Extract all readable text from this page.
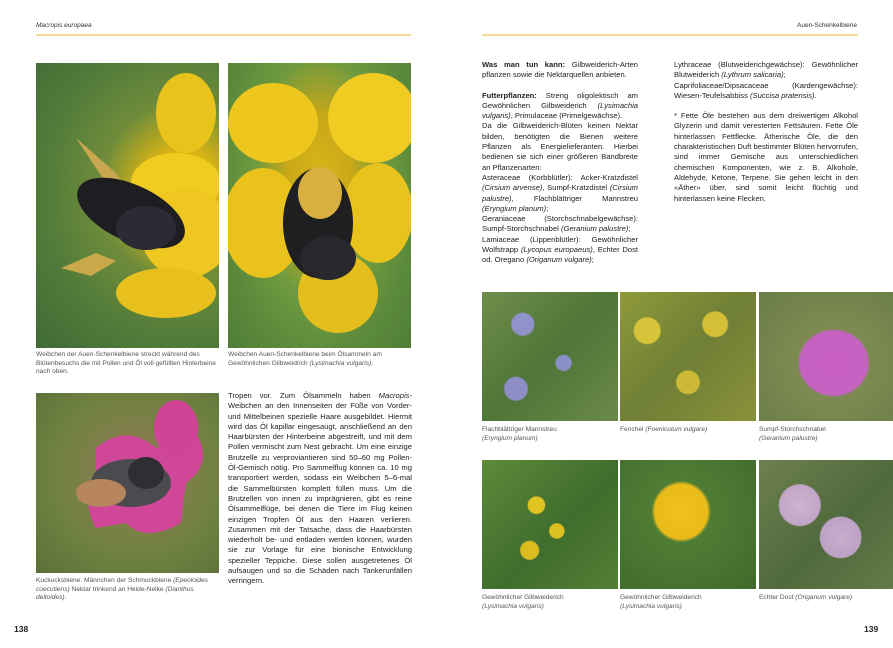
Macropis europaea
Weibchen der Auen-Schenkelbiene streckt während des Blütenbesuchs die mit Pollen und Öl voll gefüllten Hinterbeine nach oben.
Weibchen Auen-Schenkelbiene beim Ölsammeln am Gewöhnlichen Gilbweidrich (Lysimachia vulgaris).
Kuckucksbiene: Männchen der Schmuckbiene (Epeoloides coecutiens) Nektar trinkend an Heide-Nelke (Dianthus deltoides).

Tropen vor. Zum Ölsammeln haben Macropis-Weibchen an den Innenseiten der Füße von Vorder- und Mittelbeinen spezielle Haare ausgebildet. Hiermit wird das Öl kapillar eingesaugt, anschließend an den Haarbürsten der Hinterbeine abgestreift, und mit dem Pollen vermischt zum Nest gebracht. Um eine einzige Brutzelle zu verproviantieren sind 50–60 mg Pollen-Öl-Gemisch nötig. Pro Sammelflug können ca. 10 mg transportiert werden, sodass ein Weibchen 5–6-mal die Sammelbürsten komplett füllen muss. Um die Brutzellen von innen zu imprägnieren, gibt es reine Ölsammelflüge, bei denen die Tiere im Flug keinen einzigen Tropfen Öl aus den Haaren verlieren. Zusammen mit der Tatsache, dass die Haarbürsten wiederholt be- und entladen werden können, wurden sie zur Vorlage für eine bionische Entwicklung spezieller Teppiche. Diese sollen ausgetretenes Öl aufsaugen und so die Schäden nach Tankerunfällen verringern.

138
Auen-Schenkelbiene

Was man tun kann: Gilbweiderich-Arten pflanzen sowie die Nektarquellen anbieten.

Futterpflanzen: Streng oligolektisch am Gewöhnlichen Gilbweiderich (Lysimachia vulgaris), Primulaceae (Primelgewächse).

Da die Gilbweiderich-Blüten keinen Nektar bilden, benötigten die Bienen weitere Pflanzen als Energielieferanten. Hierbei bedienen sie sich einer größeren Bandbreite an Pflanzenarten:

Asteraceae (Korbblütler): Acker-Kratzdistel (Cirsium arvense), Sumpf-Kratzdistel (Cirsium palustre), Flachblättriger Mannstreu (Eryngium planum);

Geraniaceae (Storchschnabelgewächse): Sumpf-Storchschnabel (Geranium palustre);

Lamiaceae (Lippenblütler): Gewöhnlicher Wolfstrapp (Lycopus europaeus), Echter Dost od. Oregano (Origanum vulgare);

Lythraceae (Blutweiderichgewächse): Gewöhnlicher Blutweiderich (Lythrum salicaria);

Caprifoliaceae/Dipsacaceae (Kardengewächse): Wiesen-Teufelsabbiss (Succisa pratensis).

* Fette Öle bestehen aus dem dreiwertigen Alkohol Glyzerin und damit veresterten Fettsäuren. Fette Öle hinterlassen Fettflecke. Ätherische Öle, die den charakteristischen Duft bestimmter Blüten hervorrufen, sind immer Gemische aus unterschiedlichen chemischen Komponenten, wie z. B. Alkohole, Aldehyde, Ketone, Terpene. Sie gehen leicht in den «Äther» über, sind somit leicht flüchtig und hinterlassen keine Flecken.

Flachblättriger Mannstreu
(Eryngium planum)
Fenchel (Foeniculum vulgare)	Sumpf-Storchschnabel
(Geranium palustre)
Gewöhnlicher Gilbweiderich
(Lysimachia vulgaris)
Gewöhnlicher Gilbweiderich
(Lysimachia vulgaris)
Echter Dost (Origanum vulgare)
139
